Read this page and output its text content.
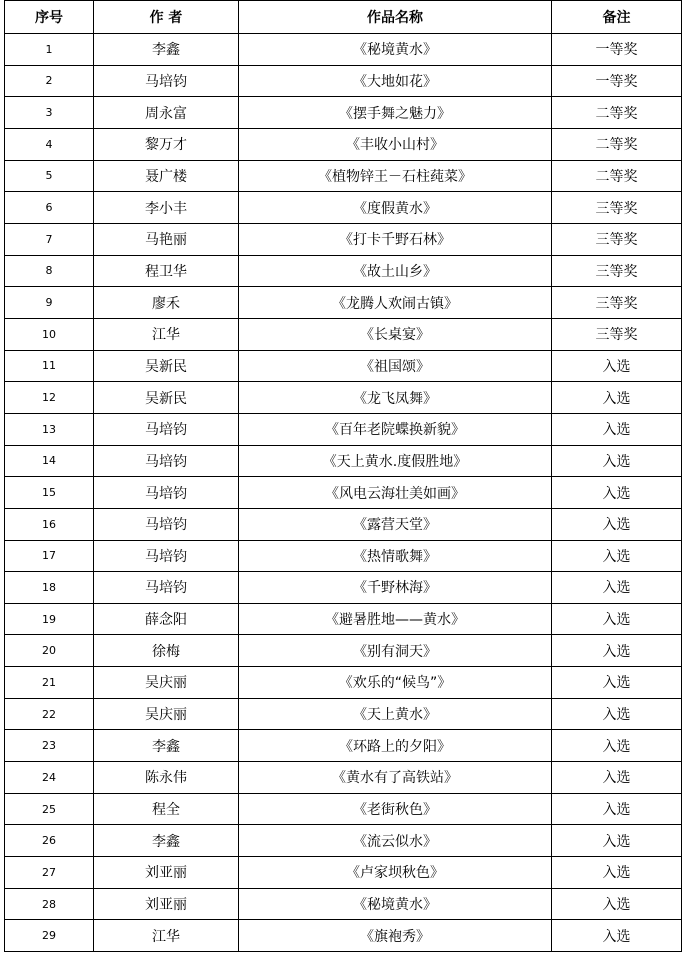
序号	作 者	作品名称	备注
1	李鑫	《秘境黄水》	一等奖
2	马培钧	《大地如花》	一等奖
3	周永富	《摆手舞之魅力》	二等奖
4	黎万才	《丰收小山村》	二等奖
5	聂广楼	《植物锌王－石柱莼菜》	二等奖
6	李小丰	《度假黄水》	三等奖
7	马艳丽	《打卡千野石林》	三等奖
8	程卫华	《故土山乡》	三等奖
9	廖禾	《龙腾人欢闹古镇》	三等奖
10	江华	《长桌宴》	三等奖
11	吴新民	《祖国颂》	入选
12	吴新民	《龙飞凤舞》	入选
13	马培钧	《百年老院蝶换新貌》	入选
14	马培钧	《天上黄水.度假胜地》	入选
15	马培钧	《风电云海壮美如画》	入选
16	马培钧	《露营天堂》	入选
17	马培钧	《热情歌舞》	入选
18	马培钧	《千野林海》	入选
19	薛念阳	《避暑胜地——黄水》	入选
20	徐梅	《别有洞天》	入选
21	吴庆丽	《欢乐的“候鸟”》	入选
22	吴庆丽	《天上黄水》	入选
23	李鑫	《环路上的夕阳》	入选
24	陈永伟	《黄水有了高铁站》	入选
25	程全	《老街秋色》	入选
26	李鑫	《流云似水》	入选
27	刘亚丽	《卢家坝秋色》	入选
28	刘亚丽	《秘境黄水》	入选
29	江华	《旗袍秀》	入选
